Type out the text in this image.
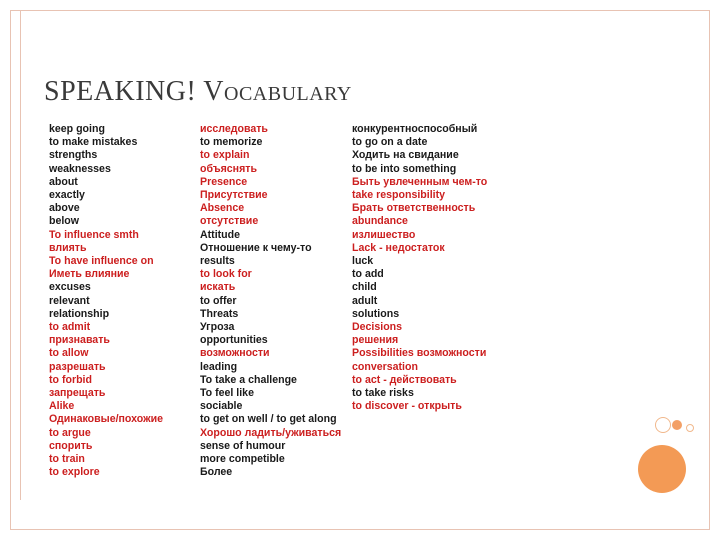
SPEAKING! VOCABULARY
keep going
to make mistakes
strengths
weaknesses
about
exactly
above
below
To influence smth
влиять
To have influence on
Иметь влияние
excuses
relevant
relationship
to admit
признавать
to allow
разрешать
to forbid
запрещать
Alike
Одинаковые/похожие
to argue
спорить
to train
to explore
исследовать
to memorize
to explain
объяснять
Presence
Присутствие
Absence
отсутствие
Attitude
Отношение к чему-то
results
to look for
искать
to offer
Threats
Угроза
opportunities
возможности
leading
To take a challenge
To feel like
sociable
to get on well / to get along
Хорошо ладить/уживаться
sense of humour
more competible
Более
конкурентноспособный
to go on a date
Ходить на свидание
to be into something
Быть увлеченным чем-то
take responsibility
Брать ответственность
abundance
излишество
Lack - недостаток
luck
to add
child
adult
solutions
Decisions
решения
Possibilities возможности
conversation
to act - действовать
to take risks
to discover - открыть
